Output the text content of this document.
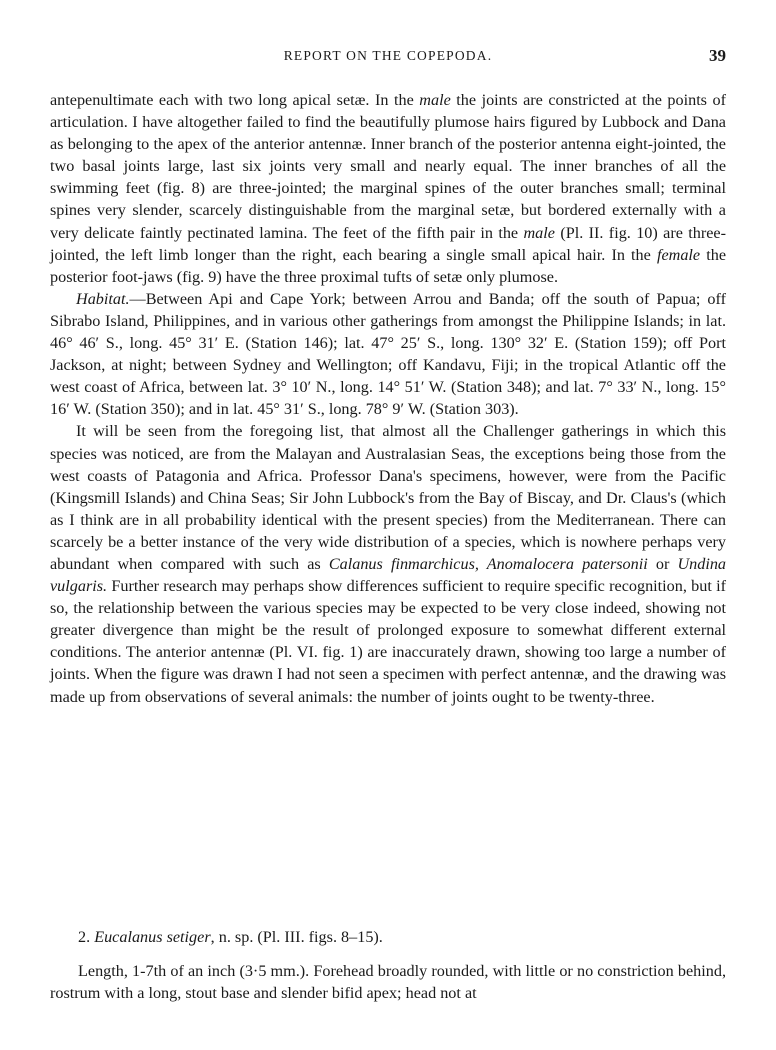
REPORT ON THE COPEPODA.	39

antepenultimate each with two long apical setæ. In the male the joints are constricted at the points of articulation. I have altogether failed to find the beautifully plumose hairs figured by Lubbock and Dana as belonging to the apex of the anterior antennæ. Inner branch of the posterior antenna eight-jointed, the two basal joints large, last six joints very small and nearly equal. The inner branches of all the swimming feet (fig. 8) are three-jointed; the marginal spines of the outer branches small; terminal spines very slender, scarcely distinguishable from the marginal setæ, but bordered externally with a very delicate faintly pectinated lamina. The feet of the fifth pair in the male (Pl. II. fig. 10) are three-jointed, the left limb longer than the right, each bearing a single small apical hair. In the female the posterior foot-jaws (fig. 9) have the three proximal tufts of setæ only plumose.

Habitat.—Between Api and Cape York; between Arrou and Banda; off the south of Papua; off Sibrabo Island, Philippines, and in various other gatherings from amongst the Philippine Islands; in lat. 46° 46′ S., long. 45° 31′ E. (Station 146); lat. 47° 25′ S., long. 130° 32′ E. (Station 159); off Port Jackson, at night; between Sydney and Wellington; off Kandavu, Fiji; in the tropical Atlantic off the west coast of Africa, between lat. 3° 10′ N., long. 14° 51′ W. (Station 348); and lat. 7° 33′ N., long. 15° 16′ W. (Station 350); and in lat. 45° 31′ S., long. 78° 9′ W. (Station 303).

It will be seen from the foregoing list, that almost all the Challenger gatherings in which this species was noticed, are from the Malayan and Australasian Seas, the exceptions being those from the west coasts of Patagonia and Africa. Professor Dana's specimens, however, were from the Pacific (Kingsmill Islands) and China Seas; Sir John Lubbock's from the Bay of Biscay, and Dr. Claus's (which as I think are in all probability identical with the present species) from the Mediterranean. There can scarcely be a better instance of the very wide distribution of a species, which is nowhere perhaps very abundant when compared with such as Calanus finmarchicus, Anomalocera patersonii or Undina vulgaris. Further research may perhaps show differences sufficient to require specific recognition, but if so, the relationship between the various species may be expected to be very close indeed, showing not greater divergence than might be the result of prolonged exposure to somewhat different external conditions. The anterior antennæ (Pl. VI. fig. 1) are inaccurately drawn, showing too large a number of joints. When the figure was drawn I had not seen a specimen with perfect antennæ, and the drawing was made up from observations of several animals: the number of joints ought to be twenty-three.

2. Eucalanus setiger, n. sp. (Pl. III. figs. 8–15).

Length, 1-7th of an inch (3·5 mm.). Forehead broadly rounded, with little or no constriction behind, rostrum with a long, stout base and slender bifid apex; head not at
